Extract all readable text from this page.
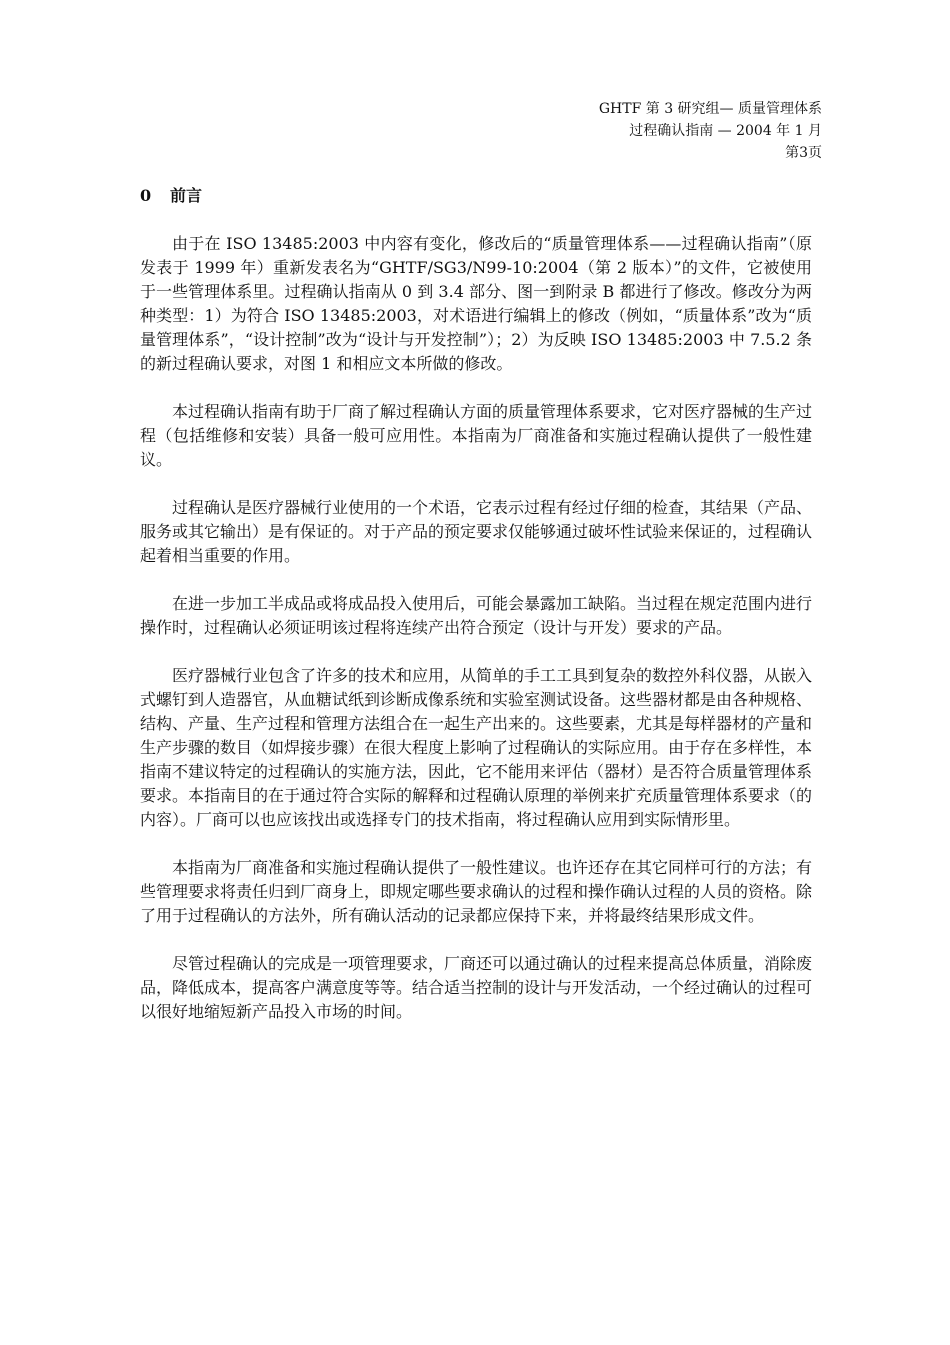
GHTF 第 3 研究组— 质量管理体系
过程确认指南 — 2004 年 1 月
第3页
0 前言

由于在 ISO 13485:2003 中内容有变化，修改后的“质量管理体系——过程确认指南”（原发表于 1999 年）重新发表名为“GHTF/SG3/N99-10:2004（第 2 版本）”的文件，它被使用于一些管理体系里。过程确认指南从 0 到 3.4 部分、图一到附录 B 都进行了修改。修改分为两种类型：1）为符合 ISO 13485:2003，对术语进行编辑上的修改（例如，“质量体系”改为“质量管理体系”，“设计控制”改为“设计与开发控制”）；2）为反映 ISO 13485:2003 中 7.5.2 条的新过程确认要求，对图 1 和相应文本所做的修改。

本过程确认指南有助于厂商了解过程确认方面的质量管理体系要求，它对医疗器械的生产过程（包括维修和安装）具备一般可应用性。本指南为厂商准备和实施过程确认提供了一般性建议。

过程确认是医疗器械行业使用的一个术语，它表示过程有经过仔细的检查，其结果（产品、服务或其它输出）是有保证的。对于产品的预定要求仅能够通过破坏性试验来保证的，过程确认起着相当重要的作用。

在进一步加工半成品或将成品投入使用后，可能会暴露加工缺陷。当过程在规定范围内进行操作时，过程确认必须证明该过程将连续产出符合预定（设计与开发）要求的产品。

医疗器械行业包含了许多的技术和应用，从简单的手工工具到复杂的数控外科仪器，从嵌入式螺钉到人造器官，从血糖试纸到诊断成像系统和实验室测试设备。这些器材都是由各种规格、结构、产量、生产过程和管理方法组合在一起生产出来的。这些要素，尤其是每样器材的产量和生产步骤的数目（如焊接步骤）在很大程度上影响了过程确认的实际应用。由于存在多样性，本指南不建议特定的过程确认的实施方法，因此，它不能用来评估（器材）是否符合质量管理体系要求。本指南目的在于通过符合实际的解释和过程确认原理的举例来扩充质量管理体系要求（的内容）。厂商可以也应该找出或选择专门的技术指南，将过程确认应用到实际情形里。

本指南为厂商准备和实施过程确认提供了一般性建议。也许还存在其它同样可行的方法；有些管理要求将责任归到厂商身上，即规定哪些要求确认的过程和操作确认过程的人员的资格。除了用于过程确认的方法外，所有确认活动的记录都应保持下来，并将最终结果形成文件。

尽管过程确认的完成是一项管理要求，厂商还可以通过确认的过程来提高总体质量，消除废品，降低成本，提高客户满意度等等。结合适当控制的设计与开发活动，一个经过确认的过程可以很好地缩短新产品投入市场的时间。
